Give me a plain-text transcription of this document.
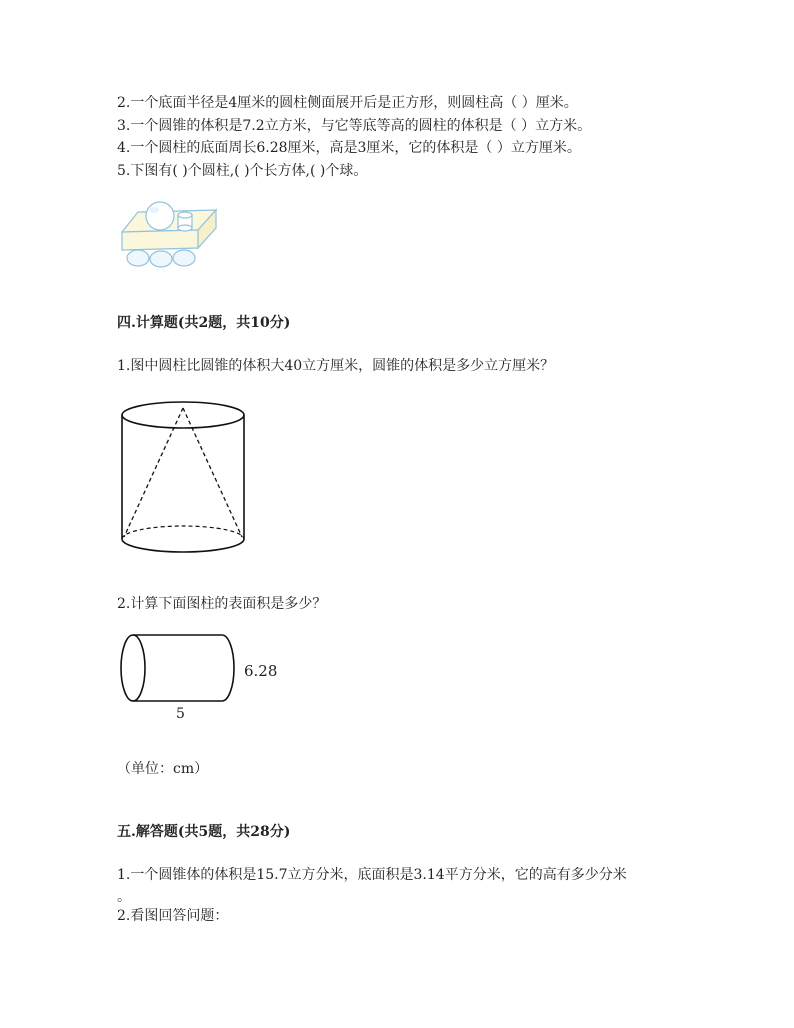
2.一个底面半径是4厘米的圆柱侧面展开后是正方形，则圆柱高（ ）厘米。
3.一个圆锥的体积是7.2立方米，与它等底等高的圆柱的体积是（ ）立方米。
4.一个圆柱的底面周长6.28厘米，高是3厘米，它的体积是（ ）立方厘米。
5.下图有( )个圆柱,( )个长方体,( )个球。
四.计算题(共2题，共10分)
1.图中圆柱比圆锥的体积大40立方厘米，圆锥的体积是多少立方厘米？
2.计算下面图柱的表面积是多少？
6.28
5
（单位：cm）
五.解答题(共5题，共28分)
1.一个圆锥体的体积是15.7立方分米，底面积是3.14平方分米，它的高有多少分米
。
2.看图回答问题：
